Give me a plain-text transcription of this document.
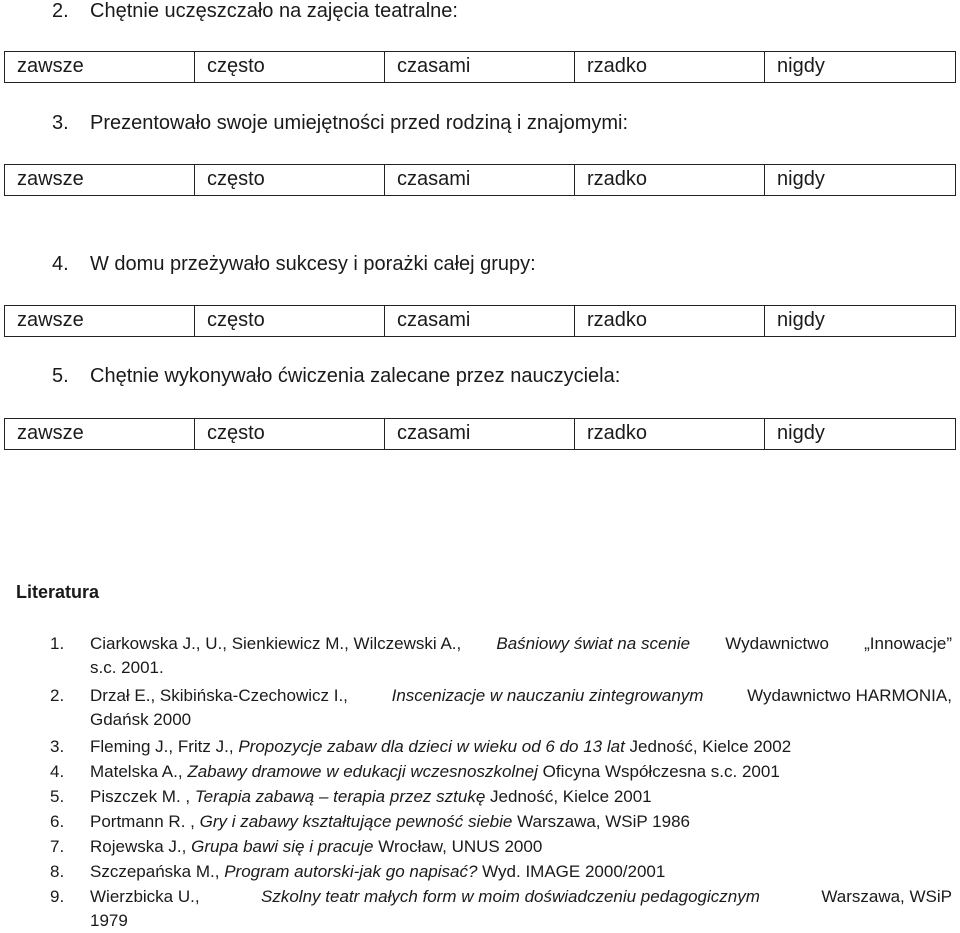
2. Chętnie uczęszczało na zajęcia teatralne:
zawsze	często	czasami	rzadko	nigdy
3. Prezentowało swoje umiejętności przed rodziną i znajomymi:
zawsze	często	czasami	rzadko	nigdy
4. W domu przeżywało sukcesy i porażki całej grupy:
zawsze	często	czasami	rzadko	nigdy
5. Chętnie wykonywało ćwiczenia zalecane przez nauczyciela:
zawsze	często	czasami	rzadko	nigdy
Literatura
1. Ciarkowska J., U., Sienkiewicz M., Wilczewski A., Baśniowy świat na scenie Wydawnictwo „Innowacje”
s.c. 2001.
2. Drzał E., Skibińska-Czechowicz I.,	Inscenizacje w nauczaniu zintegrowanym	Wydawnictwo HARMONIA,
Gdańsk 2000
3. Fleming J., Fritz J., Propozycje zabaw dla dzieci w wieku od 6 do 13 lat Jedność, Kielce 2002
4. Matelska A., Zabawy dramowe w edukacji wczesnoszkolnej Oficyna Współczesna s.c. 2001
5. Piszczek M. , Terapia zabawą – terapia przez sztukę Jedność, Kielce 2001
6. Portmann R. , Gry i zabawy kształtujące pewność siebie Warszawa, WSiP 1986
7. Rojewska J., Grupa bawi się i pracuje Wrocław, UNUS 2000
8. Szczepańska M., Program autorski-jak go napisać? Wyd. IMAGE 2000/2001
9. Wierzbicka U.,	Szkolny teatr małych form w moim doświadczeniu pedagogicznym	Warszawa, WSiP
1979
